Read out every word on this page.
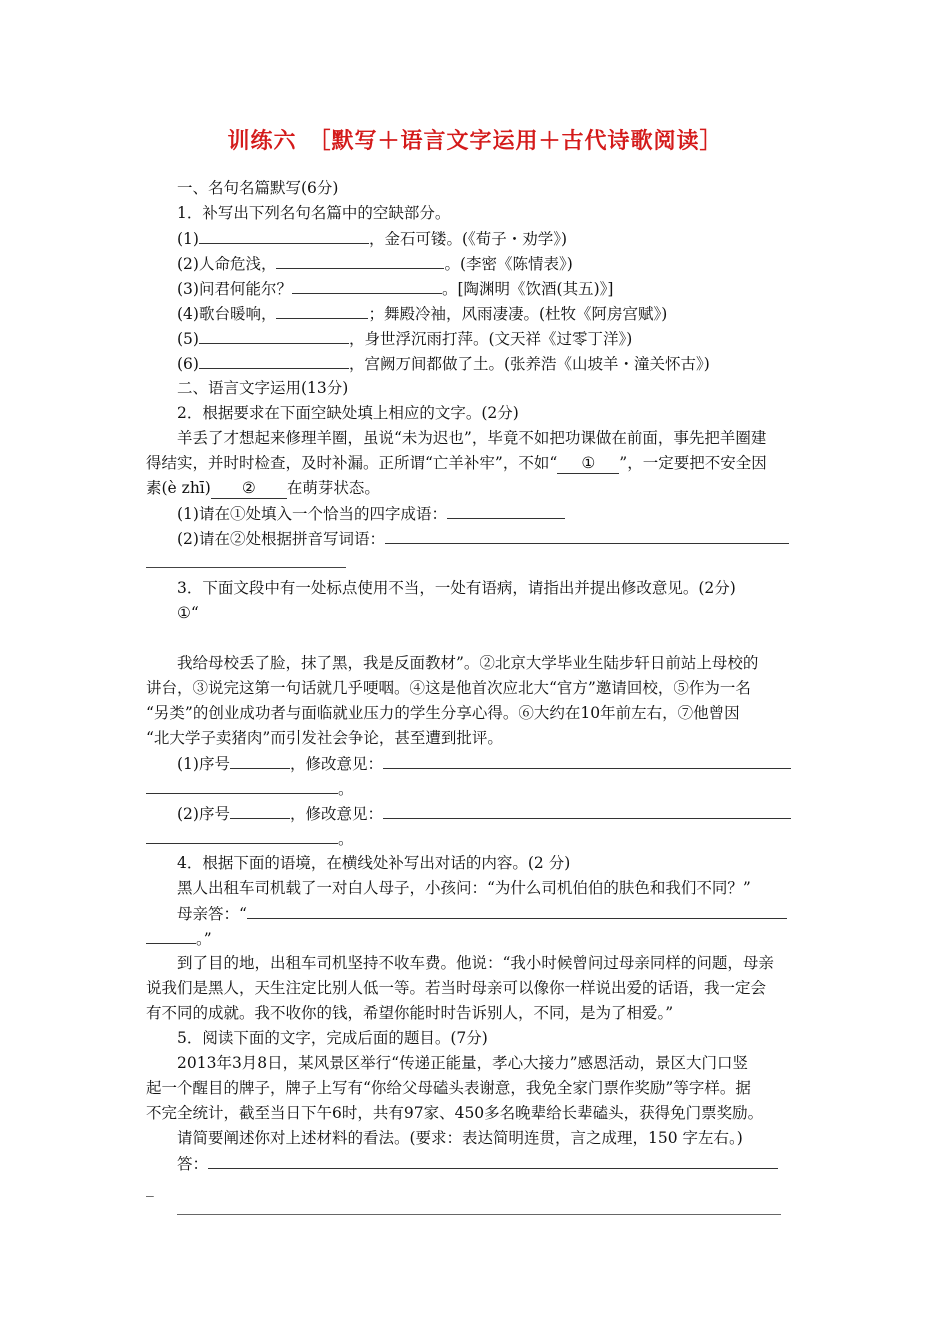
训练六　［默写＋语言文字运用＋古代诗歌阅读］
一、名句名篇默写(6分)
1．补写出下列名句名篇中的空缺部分。
(1)	，金石可镂。(《荀子・劝学》)
(2)人命危浅，	。(李密《陈情表》)
(3)问君何能尔？	。[陶渊明《饮酒(其五)》]
(4)歌台暖响，	；舞殿冷袖，风雨凄凄。(杜牧《阿房宫赋》)
(5)	，身世浮沉雨打萍。(文天祥《过零丁洋》)
(6)	，宫阙万间都做了土。(张养浩《山坡羊・潼关怀古》)
二、语言文字运用(13分)
2．根据要求在下面空缺处填上相应的文字。(2分)
羊丢了才想起来修理羊圈，虽说“未为迟也”，毕竟不如把功课做在前面，事先把羊圈建
得结实，并时时检查，及时补漏。正所谓“亡羊补牢”，不如“ ① ”，一定要把不安全因
素(è zhī) ② 在萌芽状态。
(1)请在①处填入一个恰当的四字成语：
(2)请在②处根据拼音写词语：
3．下面文段中有一处标点使用不当，一处有语病，请指出并提出修改意见。(2分)
①“
我给母校丢了脸，抹了黑，我是反面教材”。②北京大学毕业生陆步轩日前站上母校的
讲台，③说完这第一句话就几乎哽咽。④这是他首次应北大“官方”邀请回校，⑤作为一名
“另类”的创业成功者与面临就业压力的学生分享心得。⑥大约在10年前左右，⑦他曾因
“北大学子卖猪肉”而引发社会争论，甚至遭到批评。
(1)序号	，修改意见：
。
(2)序号	，修改意见：
。
4．根据下面的语境，在横线处补写出对话的内容。(2 分)
黑人出租车司机载了一对白人母子，小孩问：“为什么司机伯伯的肤色和我们不同？”
母亲答：“
。”
到了目的地，出租车司机坚持不收车费。他说：“我小时候曾问过母亲同样的问题，母亲
说我们是黑人，天生注定比别人低一等。若当时母亲可以像你一样说出爱的话语，我一定会
有不同的成就。我不收你的钱，希望你能时时告诉别人，不同，是为了相爱。”
5．阅读下面的文字，完成后面的题目。(7分)
2013年3月8日，某风景区举行“传递正能量，孝心大接力”感恩活动，景区大门口竖
起一个醒目的牌子，牌子上写有“你给父母磕头表谢意，我免全家门票作奖励”等字样。据
不完全统计，截至当日下午6时，共有97家、450多名晚辈给长辈磕头，获得免门票奖励。
请简要阐述你对上述材料的看法。(要求：表达简明连贯，言之成理，150 字左右。)
答：
_
